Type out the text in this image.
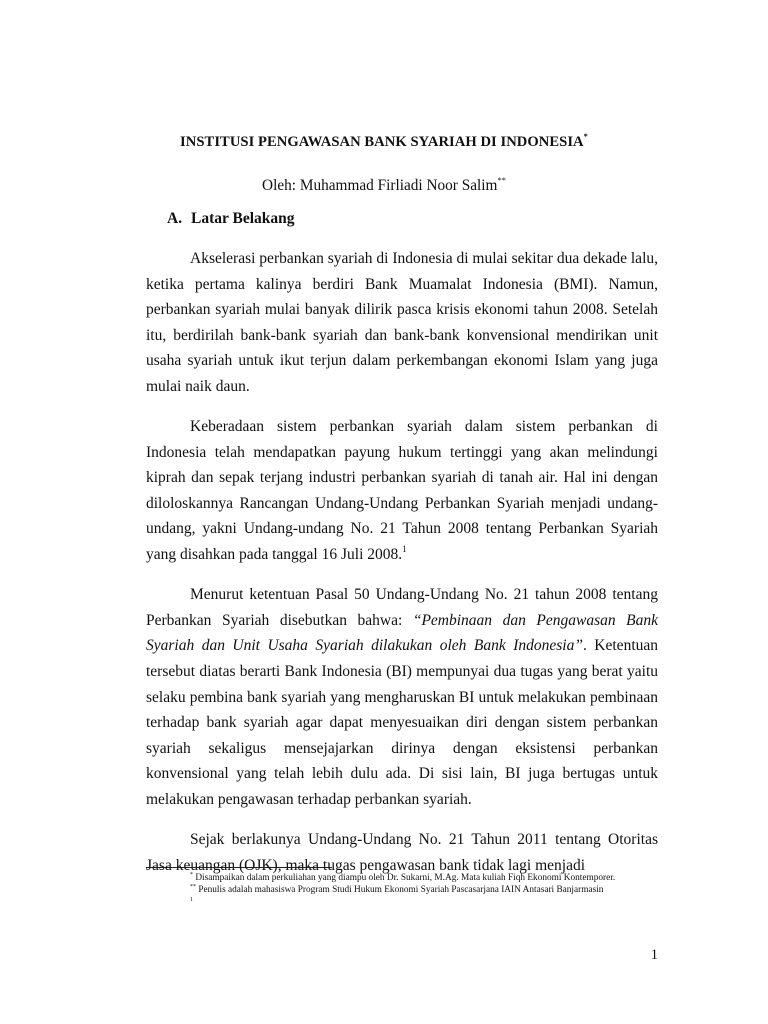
INSTITUSI PENGAWASAN BANK SYARIAH DI INDONESIA*
Oleh: Muhammad Firliadi Noor Salim**
A. Latar Belakang

Akselerasi perbankan syariah di Indonesia di mulai sekitar dua dekade lalu, ketika pertama kalinya berdiri Bank Muamalat Indonesia (BMI). Namun, perbankan syariah mulai banyak dilirik pasca krisis ekonomi tahun 2008. Setelah itu, berdirilah bank-bank syariah dan bank-bank konvensional mendirikan unit usaha syariah untuk ikut terjun dalam perkembangan ekonomi Islam yang juga mulai naik daun.

Keberadaan sistem perbankan syariah dalam sistem perbankan di Indonesia telah mendapatkan payung hukum tertinggi yang akan melindungi kiprah dan sepak terjang industri perbankan syariah di tanah air. Hal ini dengan diloloskannya Rancangan Undang-Undang Perbankan Syariah menjadi undang-undang, yakni Undang-undang No. 21 Tahun 2008 tentang Perbankan Syariah yang disahkan pada tanggal 16 Juli 2008.$^1$

Menurut ketentuan Pasal 50 Undang-Undang No. 21 tahun 2008 tentang Perbankan Syariah disebutkan bahwa: “Pembinaan dan Pengawasan Bank Syariah dan Unit Usaha Syariah dilakukan oleh Bank Indonesia”. Ketentuan tersebut diatas berarti Bank Indonesia (BI) mempunyai dua tugas yang berat yaitu selaku pembina bank syariah yang mengharuskan BI untuk melakukan pembinaan terhadap bank syariah agar dapat menyesuaikan diri dengan sistem perbankan syariah sekaligus mensejajarkan dirinya dengan eksistensi perbankan konvensional yang telah lebih dulu ada. Di sisi lain, BI juga bertugas untuk melakukan pengawasan terhadap perbankan syariah.

Sejak berlakunya Undang-Undang No. 21 Tahun 2011 tentang Otoritas Jasa keuangan (OJK), maka tugas pengawasan bank tidak lagi menjadi

* Disampaikan dalam perkuliahan yang diampu oleh Dr. Sukarni, M.Ag. Mata kuliah Fiqh Ekonomi Kontemporer.

** Penulis adalah mahasiswa Program Studi Hukum Ekonomi Syariah Pascasarjana IAIN Antasari Banjarmasin

1

1
